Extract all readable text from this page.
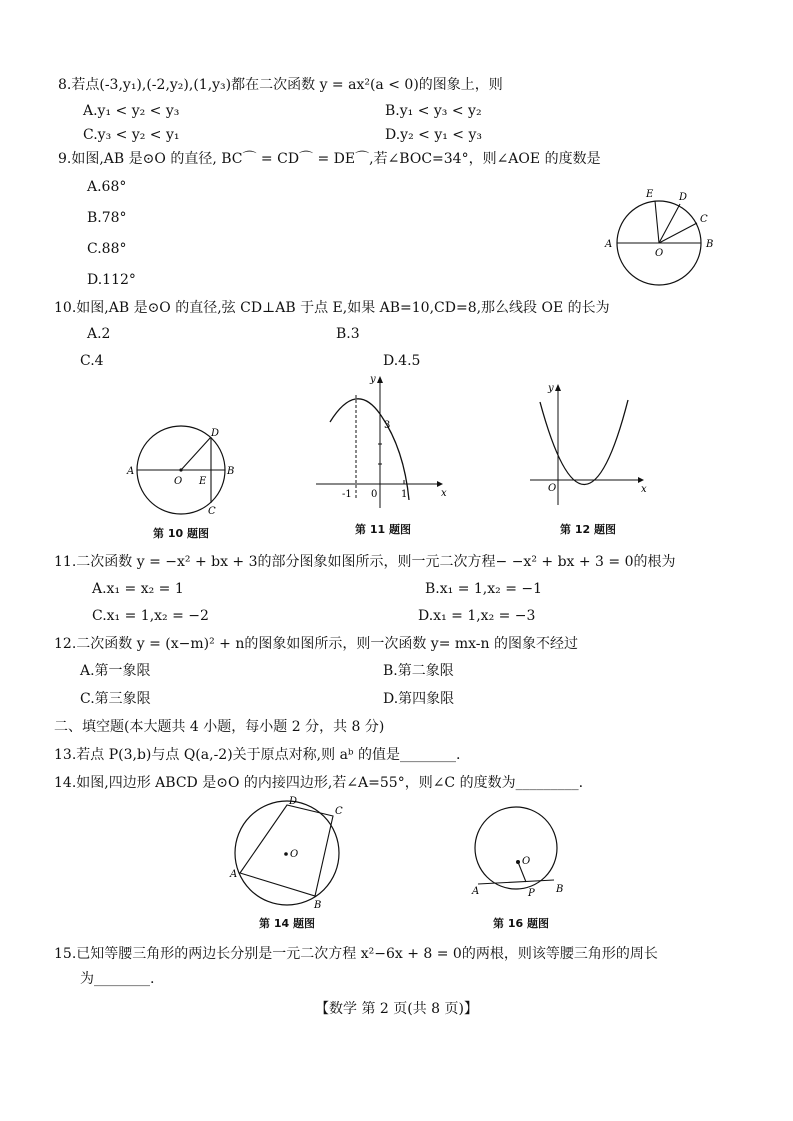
8.若点(-3,y₁),(-2,y₂),(1,y₃)都在二次函数 y = ax²(a < 0)的图象上，则
A.y₁ < y₂ < y₃	B.y₁ < y₃ < y₂
C.y₃ < y₂ < y₁	D.y₂ < y₁ < y₃
9.如图,AB 是⊙O 的直径, BC⌒ = CD⌒ = DE⌒,若∠BOC=34°，则∠AOE 的度数是
A.68°
B.78°
C.88°
D.112°
E	D
C
A
O
B
10.如图,AB 是⊙O 的直径,弦 CD⊥AB 于点 E,如果 AB=10,CD=8,那么线段 OE 的长为
A.2	B.3
C.4	D.4.5
A
O E
B
D
C
第 10 题图
y
3
-1 0 1	x
第 11 题图
y
O	x
第 12 题图
11.二次函数 y = −x² + bx + 3的部分图象如图所示，则一元二次方程− −x² + bx + 3 = 0的根为
A.x₁ = x₂ = 1	B.x₁ = 1,x₂ = −1
C.x₁ = 1,x₂ = −2	D.x₁ = 1,x₂ = −3
12.二次函数 y = (x−m)² + n的图象如图所示，则一次函数 y= mx-n 的图象不经过
A.第一象限	B.第二象限
C.第三象限	D.第四象限
二、填空题(本大题共 4 小题，每小题 2 分，共 8 分)
13.若点 P(3,b)与点 Q(a,-2)关于原点对称,则 aᵇ 的值是________.
14.如图,四边形 ABCD 是⊙O 的内接四边形,若∠A=55°，则∠C 的度数为_________.
D
C
O
A
B
第 14 题图
O
A	P B
第 16 题图
15.已知等腰三角形的两边长分别是一元二次方程 x²−6x + 8 = 0的两根，则该等腰三角形的周长
为________.
【数学 第 2 页(共 8 页)】
